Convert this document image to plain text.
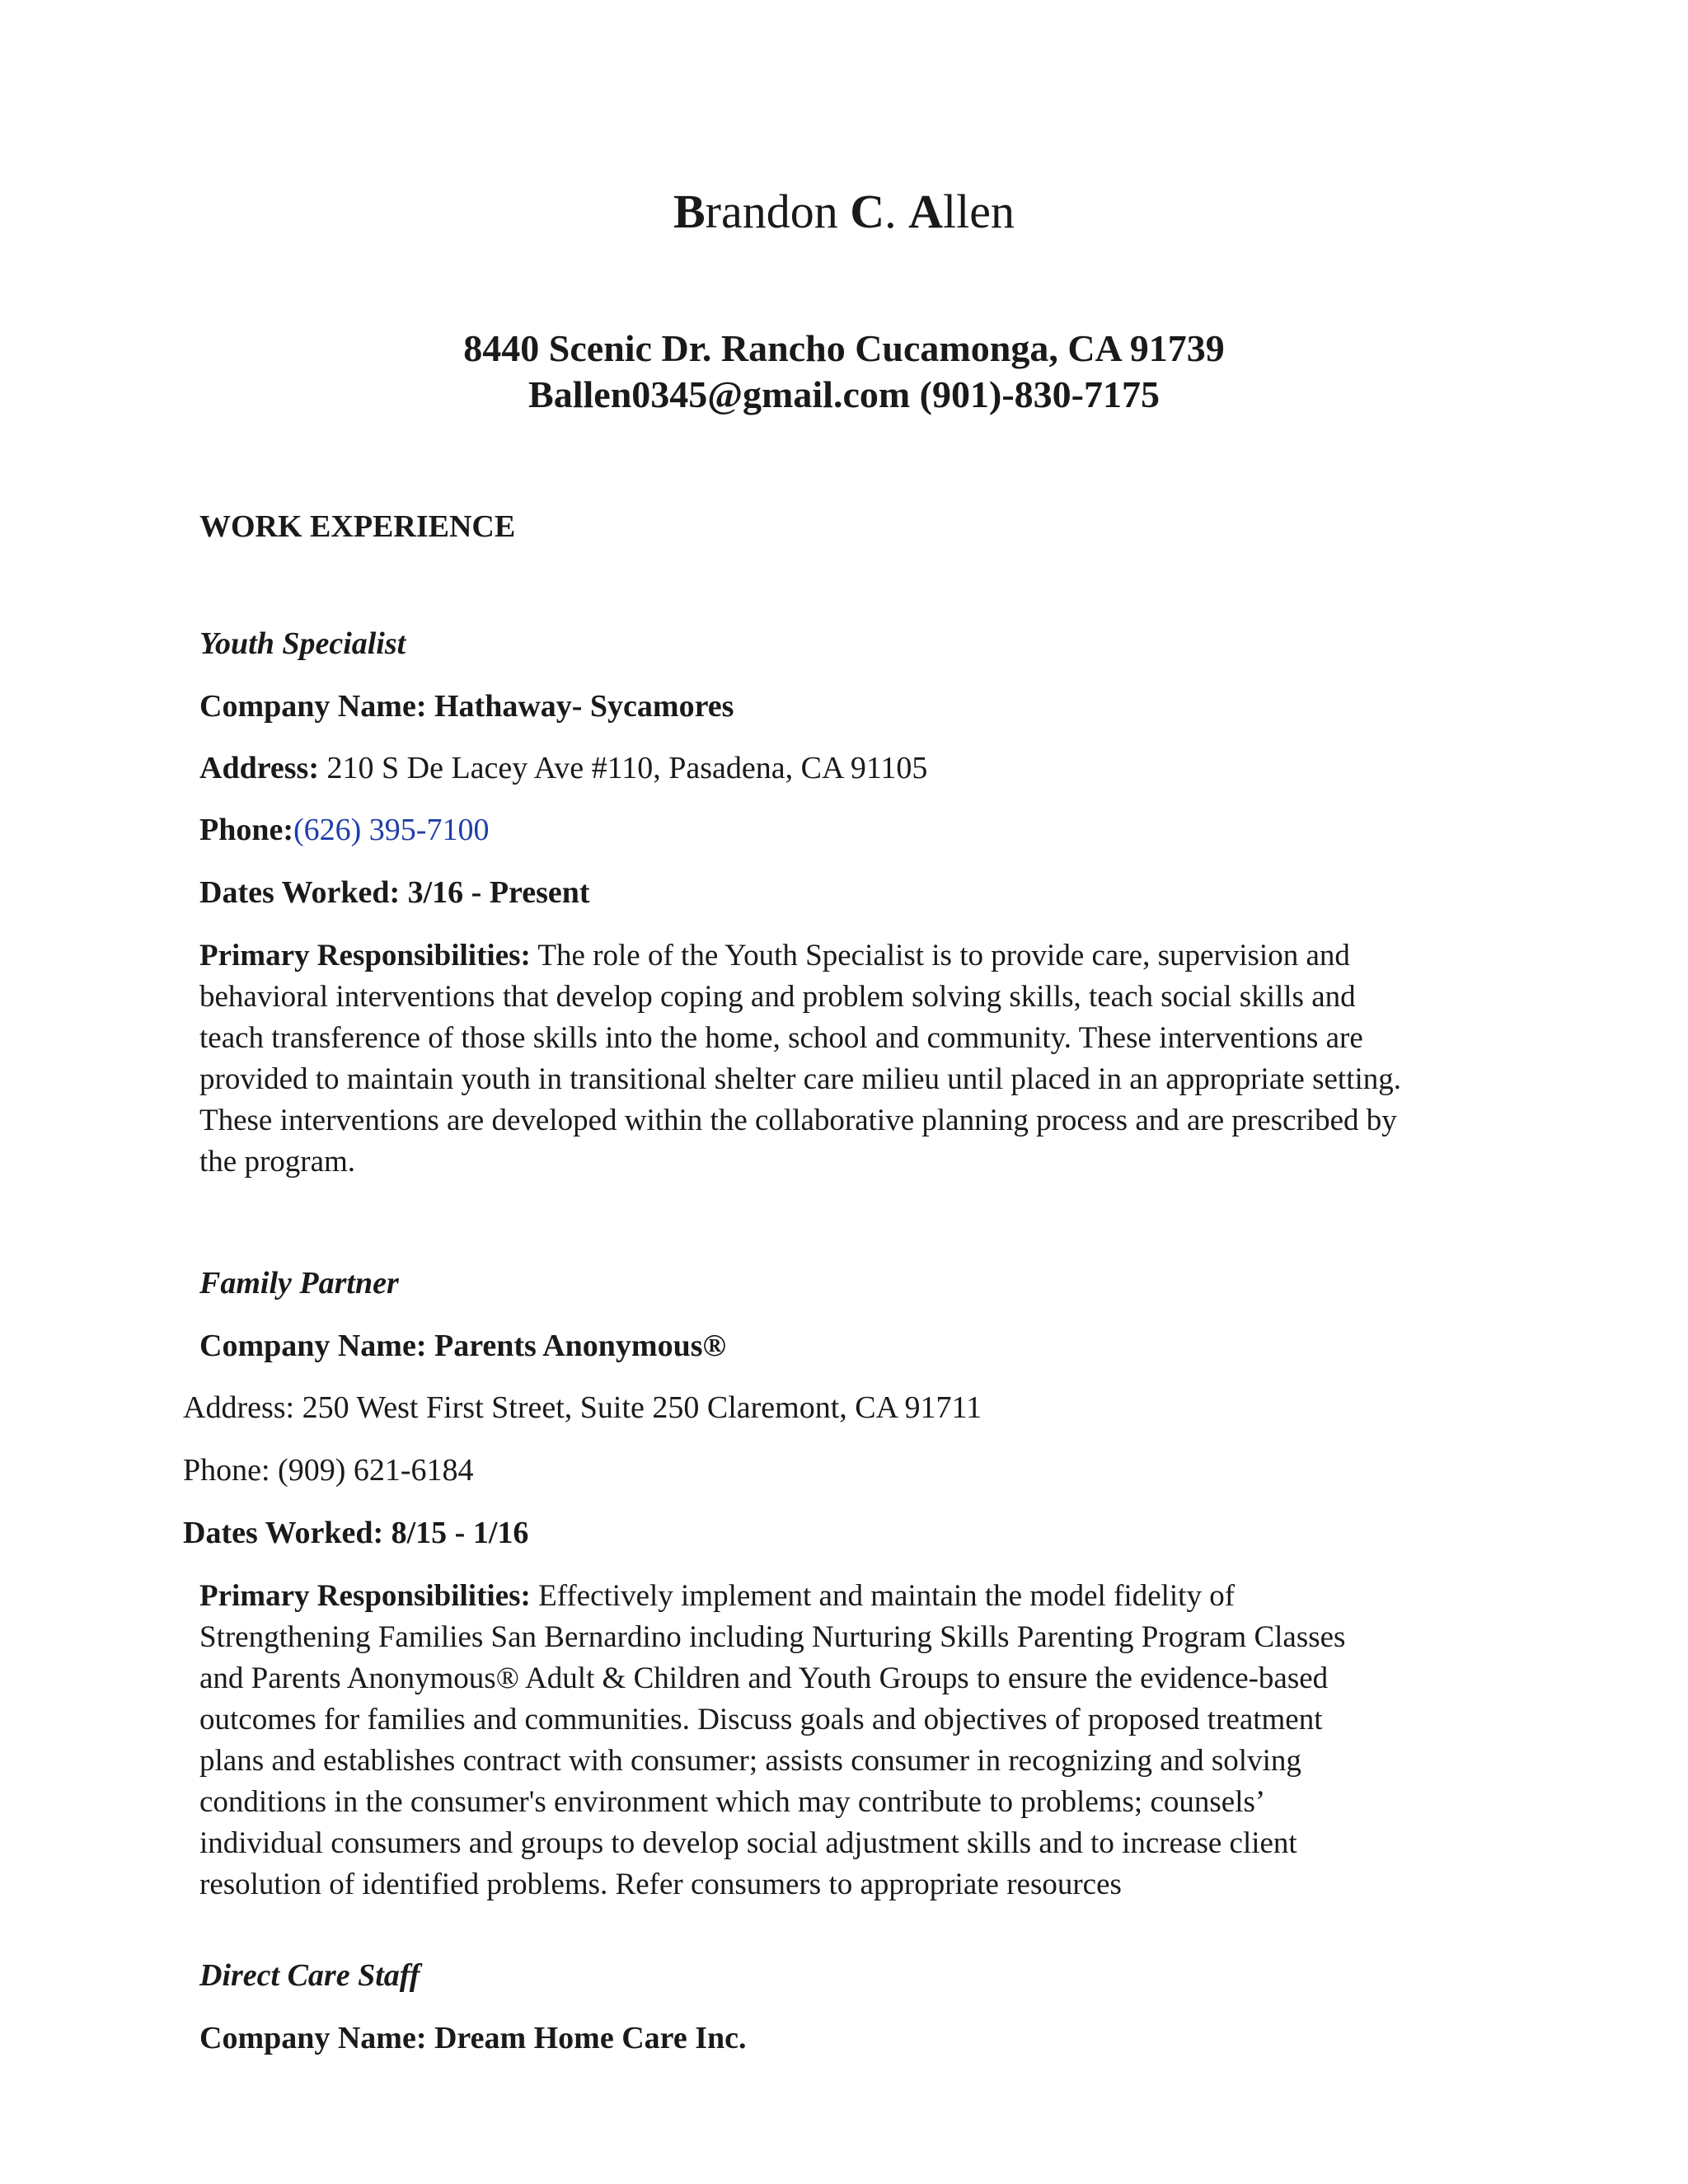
Brandon C. Allen
8440 Scenic Dr. Rancho Cucamonga, CA 91739
Ballen0345@gmail.com (901)-830-7175
WORK EXPERIENCE
Youth Specialist
Company Name: Hathaway- Sycamores
Address: 210 S De Lacey Ave #110, Pasadena, CA 91105
Phone:(626) 395-7100
Dates Worked: 3/16 - Present
Primary Responsibilities: The role of the Youth Specialist is to provide care, supervision and
behavioral interventions that develop coping and problem solving skills, teach social skills and
teach transference of those skills into the home, school and community. These interventions are
provided to maintain youth in transitional shelter care milieu until placed in an appropriate setting.
These interventions are developed within the collaborative planning process and are prescribed by
the program.
Family Partner
Company Name: Parents Anonymous®
Address: 250 West First Street, Suite 250 Claremont, CA 91711
Phone: (909) 621-6184
Dates Worked: 8/15 - 1/16
Primary Responsibilities: Effectively implement and maintain the model fidelity of
Strengthening Families San Bernardino including Nurturing Skills Parenting Program Classes
and Parents Anonymous® Adult & Children and Youth Groups to ensure the evidence-based
outcomes for families and communities. Discuss goals and objectives of proposed treatment
plans and establishes contract with consumer; assists consumer in recognizing and solving
conditions in the consumer's environment which may contribute to problems; counsels’
individual consumers and groups to develop social adjustment skills and to increase client
resolution of identified problems. Refer consumers to appropriate resources
Direct Care Staff
Company Name: Dream Home Care Inc.
